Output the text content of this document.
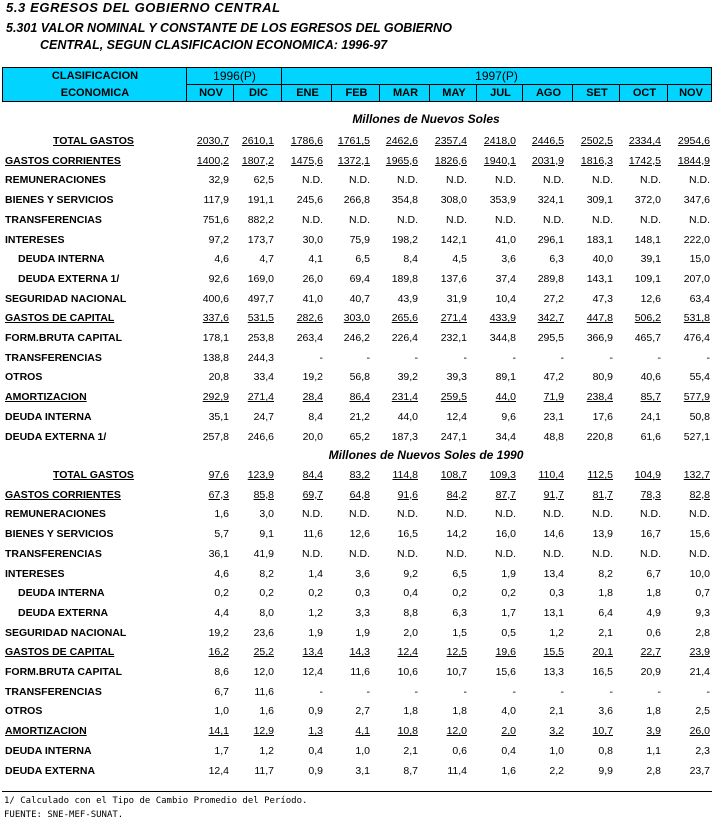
5.3 EGRESOS DEL GOBIERNO CENTRAL
5.301 VALOR NOMINAL Y CONSTANTE DE LOS EGRESOS DEL GOBIERNO
CENTRAL, SEGUN CLASIFICACION ECONOMICA: 1996-97
CLASIFICACION
ECONOMICA
1996(P)	1997(P)
NOV	DIC	ENE	FEB	MAR	MAY	JUL	AGO	SET	OCT	NOV
Millones de Nuevos Soles
TOTAL GASTOS	2030,7	2610,1	1786,6	1761,5	2462,6	2357,4	2418,0	2446,5	2502,5	2334,4	2954,6
GASTOS CORRIENTES	1400,2	1807,2	1475,6	1372,1	1965,6	1826,6	1940,1	2031,9	1816,3	1742,5	1844,9
REMUNERACIONES	32,9	62,5	N.D.	N.D.	N.D.	N.D.	N.D.	N.D.	N.D.	N.D.	N.D.
BIENES Y SERVICIOS	117,9	191,1	245,6	266,8	354,8	308,0	353,9	324,1	309,1	372,0	347,6
TRANSFERENCIAS	751,6	882,2	N.D.	N.D.	N.D.	N.D.	N.D.	N.D.	N.D.	N.D.	N.D.
INTERESES	97,2	173,7	30,0	75,9	198,2	142,1	41,0	296,1	183,1	148,1	222,0
DEUDA INTERNA	4,6	4,7	4,1	6,5	8,4	4,5	3,6	6,3	40,0	39,1	15,0
DEUDA EXTERNA 1/	92,6	169,0	26,0	69,4	189,8	137,6	37,4	289,8	143,1	109,1	207,0
SEGURIDAD NACIONAL	400,6	497,7	41,0	40,7	43,9	31,9	10,4	27,2	47,3	12,6	63,4
GASTOS DE CAPITAL	337,6	531,5	282,6	303,0	265,6	271,4	433,9	342,7	447,8	506,2	531,8
FORM.BRUTA CAPITAL	178,1	253,8	263,4	246,2	226,4	232,1	344,8	295,5	366,9	465,7	476,4
TRANSFERENCIAS	138,8	244,3	-	-	-	-	-	-	-	-	-
OTROS	20,8	33,4	19,2	56,8	39,2	39,3	89,1	47,2	80,9	40,6	55,4
AMORTIZACION	292,9	271,4	28,4	86,4	231,4	259,5	44,0	71,9	238,4	85,7	577,9
DEUDA INTERNA	35,1	24,7	8,4	21,2	44,0	12,4	9,6	23,1	17,6	24,1	50,8
DEUDA EXTERNA 1/	257,8	246,6	20,0	65,2	187,3	247,1	34,4	48,8	220,8	61,6	527,1
Millones de Nuevos Soles de 1990
TOTAL GASTOS	97,6	123,9	84,4	83,2	114,8	108,7	109,3	110,4	112,5	104,9	132,7
GASTOS CORRIENTES	67,3	85,8	69,7	64,8	91,6	84,2	87,7	91,7	81,7	78,3	82,8
REMUNERACIONES	1,6	3,0	N.D.	N.D.	N.D.	N.D.	N.D.	N.D.	N.D.	N.D.	N.D.
BIENES Y SERVICIOS	5,7	9,1	11,6	12,6	16,5	14,2	16,0	14,6	13,9	16,7	15,6
TRANSFERENCIAS	36,1	41,9	N.D.	N.D.	N.D.	N.D.	N.D.	N.D.	N.D.	N.D.	N.D.
INTERESES	4,6	8,2	1,4	3,6	9,2	6,5	1,9	13,4	8,2	6,7	10,0
DEUDA INTERNA	0,2	0,2	0,2	0,3	0,4	0,2	0,2	0,3	1,8	1,8	0,7
DEUDA EXTERNA	4,4	8,0	1,2	3,3	8,8	6,3	1,7	13,1	6,4	4,9	9,3
SEGURIDAD NACIONAL	19,2	23,6	1,9	1,9	2,0	1,5	0,5	1,2	2,1	0,6	2,8
GASTOS DE CAPITAL	16,2	25,2	13,4	14,3	12,4	12,5	19,6	15,5	20,1	22,7	23,9
FORM.BRUTA CAPITAL	8,6	12,0	12,4	11,6	10,6	10,7	15,6	13,3	16,5	20,9	21,4
TRANSFERENCIAS	6,7	11,6	-	-	-	-	-	-	-	-	-
OTROS	1,0	1,6	0,9	2,7	1,8	1,8	4,0	2,1	3,6	1,8	2,5
AMORTIZACION	14,1	12,9	1,3	4,1	10,8	12,0	2,0	3,2	10,7	3,9	26,0
DEUDA INTERNA	1,7	1,2	0,4	1,0	2,1	0,6	0,4	1,0	0,8	1,1	2,3
DEUDA EXTERNA	12,4	11,7	0,9	3,1	8,7	11,4	1,6	2,2	9,9	2,8	23,7
1/ Calculado con el Tipo de Cambio Promedio del Período.
FUENTE: SNE-MEF-SUNAT.
